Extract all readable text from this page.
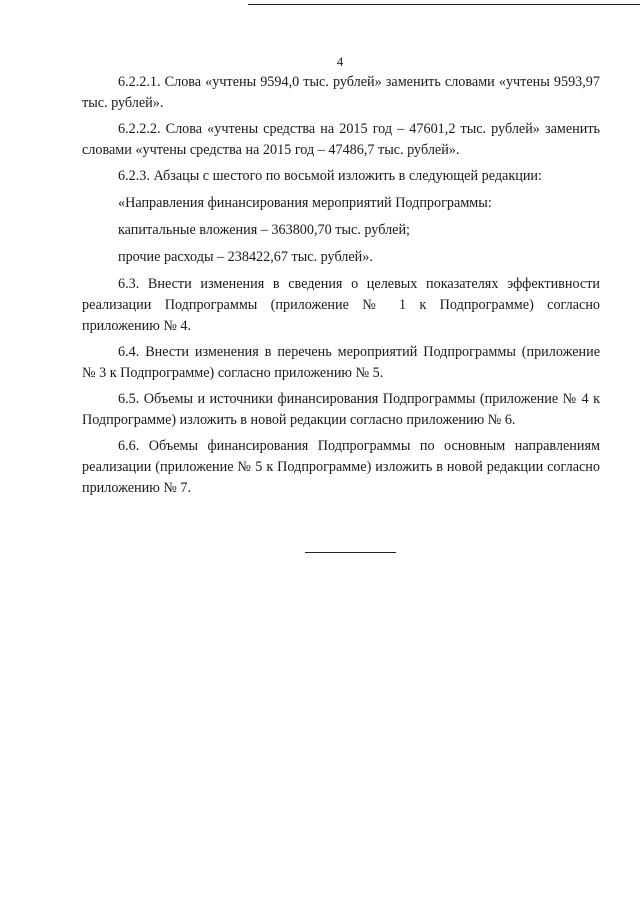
4

6.2.2.1. Слова «учтены 9594,0 тыс. рублей» заменить словами «учтены 9593,97 тыс. рублей».

6.2.2.2. Слова «учтены средства на 2015 год – 47601,2 тыс. рублей» заменить словами «учтены средства на 2015 год – 47486,7 тыс. рублей».

6.2.3. Абзацы с шестого по восьмой изложить в следующей редакции:

«Направления финансирования мероприятий Подпрограммы:

капитальные вложения – 363800,70 тыс. рублей;

прочие расходы – 238422,67 тыс. рублей».

6.3. Внести изменения в сведения о целевых показателях эффективности реализации Подпрограммы (приложение № 1 к Подпрограмме) согласно приложению № 4.

6.4. Внести изменения в перечень мероприятий Подпрограммы (приложение № 3 к Подпрограмме) согласно приложению № 5.

6.5. Объемы и источники финансирования Подпрограммы (приложение № 4 к Подпрограмме) изложить в новой редакции согласно приложению № 6.

6.6. Объемы финансирования Подпрограммы по основным направлениям реализации (приложение № 5 к Подпрограмме) изложить в новой редакции согласно приложению № 7.
